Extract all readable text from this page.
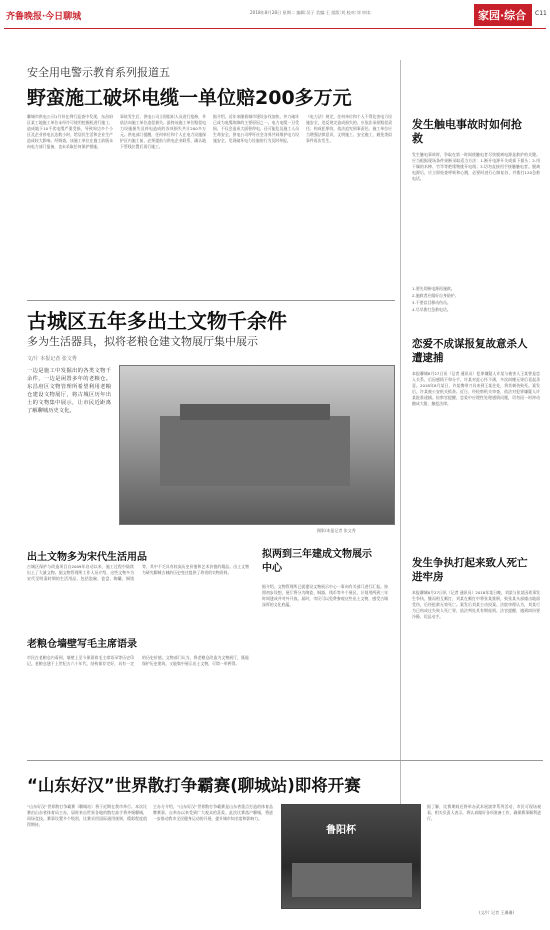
齐鲁晚报·今日聊城	2018年8月28日 星期二 编辑:吴子 美编:王 组版:刘 校对:刘 审读:	家园·综合 C11
安全用电警示教育系列报道五
野蛮施工破坏电缆一单位赔200多万元
聊城市供电公司1月份在例行巡查中发现，东昌府区某工地施工单位未经许可使用挖掘机进行施工，造成地下10千伏电缆严重受损，导致周边多个小区及企业停电长达数小时，给居民生活和企业生产造成较大影响。经调查，该施工单位在施工前既未向电力部门报备，也未采取任何保护措施。
事故发生后，供电公司立即组织人员进行抢修，并依法向施工单位追偿损失。最终该施工单位赔偿电力设施损失及停电造成的各项损失共计200多万元。供电部门提醒，任何单位和个人在电力设施保护区内施工前，必须提前与供电企业联系，确认地下管线位置后再行施工。
据介绍，近年来随着城市建设步伐加快，外力破坏已成为电缆故障的主要原因之一。电力电缆一旦受损，不仅会造成大面积停电，还可能危及施工人员生命安全。供电公司呼吁社会各界共同维护电力设施安全，发现破坏电力设施的行为及时举报。
《电力法》规定，任何单位和个人不得危害电力设施安全，违反规定造成损失的，应依法承担赔偿责任；构成犯罪的，依法追究刑事责任。施工单位应当增强法律意识，文明施工、安全施工，避免类似事件再次发生。
发生触电事故时如何抢救
发生触电事故时，争取在第一时间使触电者尽快脱离电源是救护的关键。应当根据现场条件果断采取适当方法：1.断开电源开关或拔下插头；2.用干燥的木棒、竹竿等绝缘物挑开电线；3.切勿直接用手接触触电者。脱离电源后，应立即检查呼吸和心跳，必要时进行心肺复苏，并拨打120急救电话。
1.要先切断电源再施救。
2.施救者应做好自身防护。
3.不要盲目移动伤员。
4.尽早拨打急救电话。
古城区五年多出土文物千余件
多为生活器具，拟将老粮仓建文物展厅集中展示
文/片 本报记者 张文秀
一边是施工中发掘出的各类文物千余件，一边是闲置多年的老粮仓。东昌府区文物管理所希望利用老粮仓建设文物展厅，将古城区历年出土的文物集中展示，让市民近距离了解聊城历史文化。
摄影/本报记者 张文秀
恋爱不成谋报复故意杀人遭逮捕
本报聊城8月27日讯（记者 通讯员）犯罪嫌疑人许某与被害人王某曾是恋人关系，后因感情不和分手。许某对此心怀不满，多次纠缠无果后竟起杀意。2018年8月某日，许某携带刀具来到王某住处，将其刺伤致死。案发后，许某被公安机关抓获。近日，经检察机关审查，依法对犯罪嫌疑人许某批准逮捕。检察官提醒，恋爱中应理性处理感情问题，切勿因一时冲动酿成大错，触犯法律。
出土文物多为宋代生活用品
古城区保护与改造项目自2009年启动以来，施工过程中陆续出土了大量文物。据文物管理所工作人员介绍，这些文物多为宋代至明清时期的生活用品，包括瓷碗、瓷盘、陶罐、铜钱等，其中不乏具有较高历史价值和艺术价值的精品。出土文物为研究聊城古城的历史变迁提供了珍贵的实物资料。
老粮仓墙壁写毛主席语录
市民在老粮仓内看到，墙壁上至今保留着毛主席语录等历史印记。老粮仓建于上世纪五六十年代，结构保存完好，具有一定的历史价值。文物部门认为，将老粮仓改造为文物展厅，既能保护历史建筑，又能集中展示出土文物，可谓一举两得。
拟两到三年建成文物展示中心
据介绍，文物管理所已就建设文物展示中心一事向有关部门进行汇报。按照初步设想，展厅将分为陶瓷、铜器、钱币等多个展区，计划用两到三年时间建成并对外开放。届时，市民可以免费参观这些出土文物，感受古城深厚的文化底蕴。
发生争执打起来致人死亡进牢房
本报聊城8月27日讯（记者 通讯员）2018年某日晚，刘某与张某因琐事发生争执，继而相互厮打，刘某在厮打中将张某推倒，致张某头部撞击地面受伤，后经抢救无效死亡。案发后刘某主动投案。法院审理认为，刘某行为已构成过失致人死亡罪，依法判处其有期徒刑。法官提醒，遇到纠纷要冷静，切忌动手。
“山东好汉”世界散打争霸赛(聊城站)即将开赛
“山东好汉”世界散打争霸赛（聊城站）将于近期在我市举行。本次比赛由山东省体育局主办，届时来自世界各地的散打高手将齐聚聊城，同场竞技。赛事设置多个级别，比赛采用国际通用规则，精彩程度值得期待。
主办方介绍，“山东好汉”世界散打争霸赛是山东省重点打造的体育品牌赛事，自举办以来受到广大观众的喜爱。此次比赛落户聊城，将进一步推动我市全民健身运动的开展，提升城市知名度和影响力。
鲁阳杯
据了解，比赛期间还将举办武术展演等系列活动，市民可现场观看。相关负责人表示，将认真做好各项准备工作，确保赛事顺利进行。
(文/片 记者 王珊珊)
